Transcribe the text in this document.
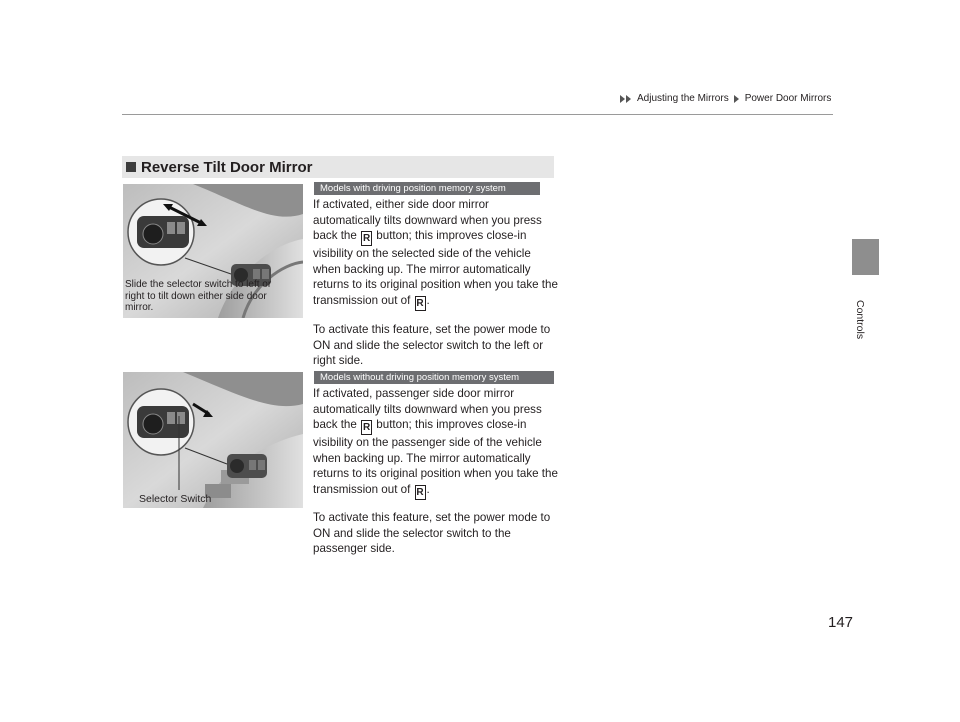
Adjusting the Mirrors Power Door Mirrors
Controls
Reverse Tilt Door Mirror
Slide the selector switch to left or right to tilt down either side door mirror.
Selector Switch
Models with driving position memory system
If activated, either side door mirror automatically tilts downward when you press back the R button; this improves close-in visibility on the selected side of the vehicle when backing up. The mirror automatically returns to its original position when you take the transmission out of R .
To activate this feature, set the power mode to ON and slide the selector switch to the left or right side.
Models without driving position memory system
If activated, passenger side door mirror automatically tilts downward when you press back the R button; this improves close-in visibility on the passenger side of the vehicle when backing up. The mirror automatically returns to its original position when you take the transmission out of R .
To activate this feature, set the power mode to ON and slide the selector switch to the passenger side.
147
